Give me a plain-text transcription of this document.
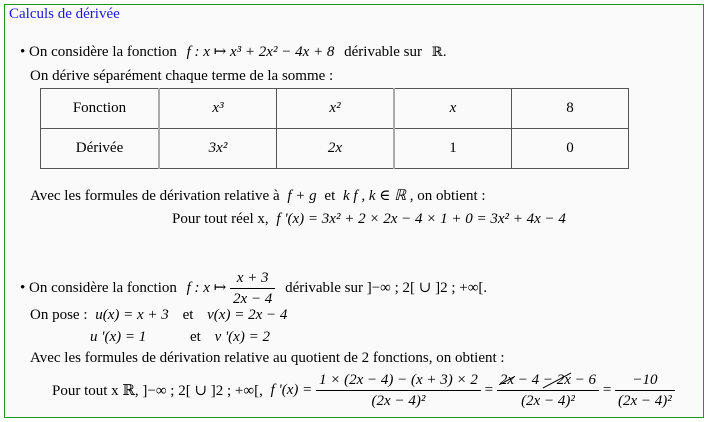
Calculs de dérivée
• On considère la fonction f : x ↦ x³ + 2x² − 4x + 8 dérivable sur ℝ.
On dérive séparément chaque terme de la somme :
Fonction	x³	x²	x	8
Dérivée	3x²	2x	1	0
Avec les formules de dérivation relative à f + g et k f , k ∈ ℝ , on obtient :
Pour tout réel x, f '(x) = 3x² + 2 × 2x − 4 × 1 + 0 = 3x² + 4x − 4
• On considère la fonction f : x ↦ $\frac{x + 3}{2x - 4}$ dérivable sur ]−∞ ; 2[ ∪ ]2 ; +∞[.
On pose : u(x) = x + 3 et v(x) = 2x − 4
u '(x) = 1	et v '(x) = 2
Avec les formules de dérivation relative au quotient de 2 fonctions, on obtient :
Pour tout x ℝ, ]−∞ ; 2[ ∪ ]2 ; +∞[, f '$(x) = \frac{1 \times (2x - 4) - (x + 3) \times 2}{\text{(2x − 4)²}} = \frac{2x - 4 - 2x - 6}{\text{(2x − 4)²}} = \frac{-10}{\text{(2x − 4)²}}$
